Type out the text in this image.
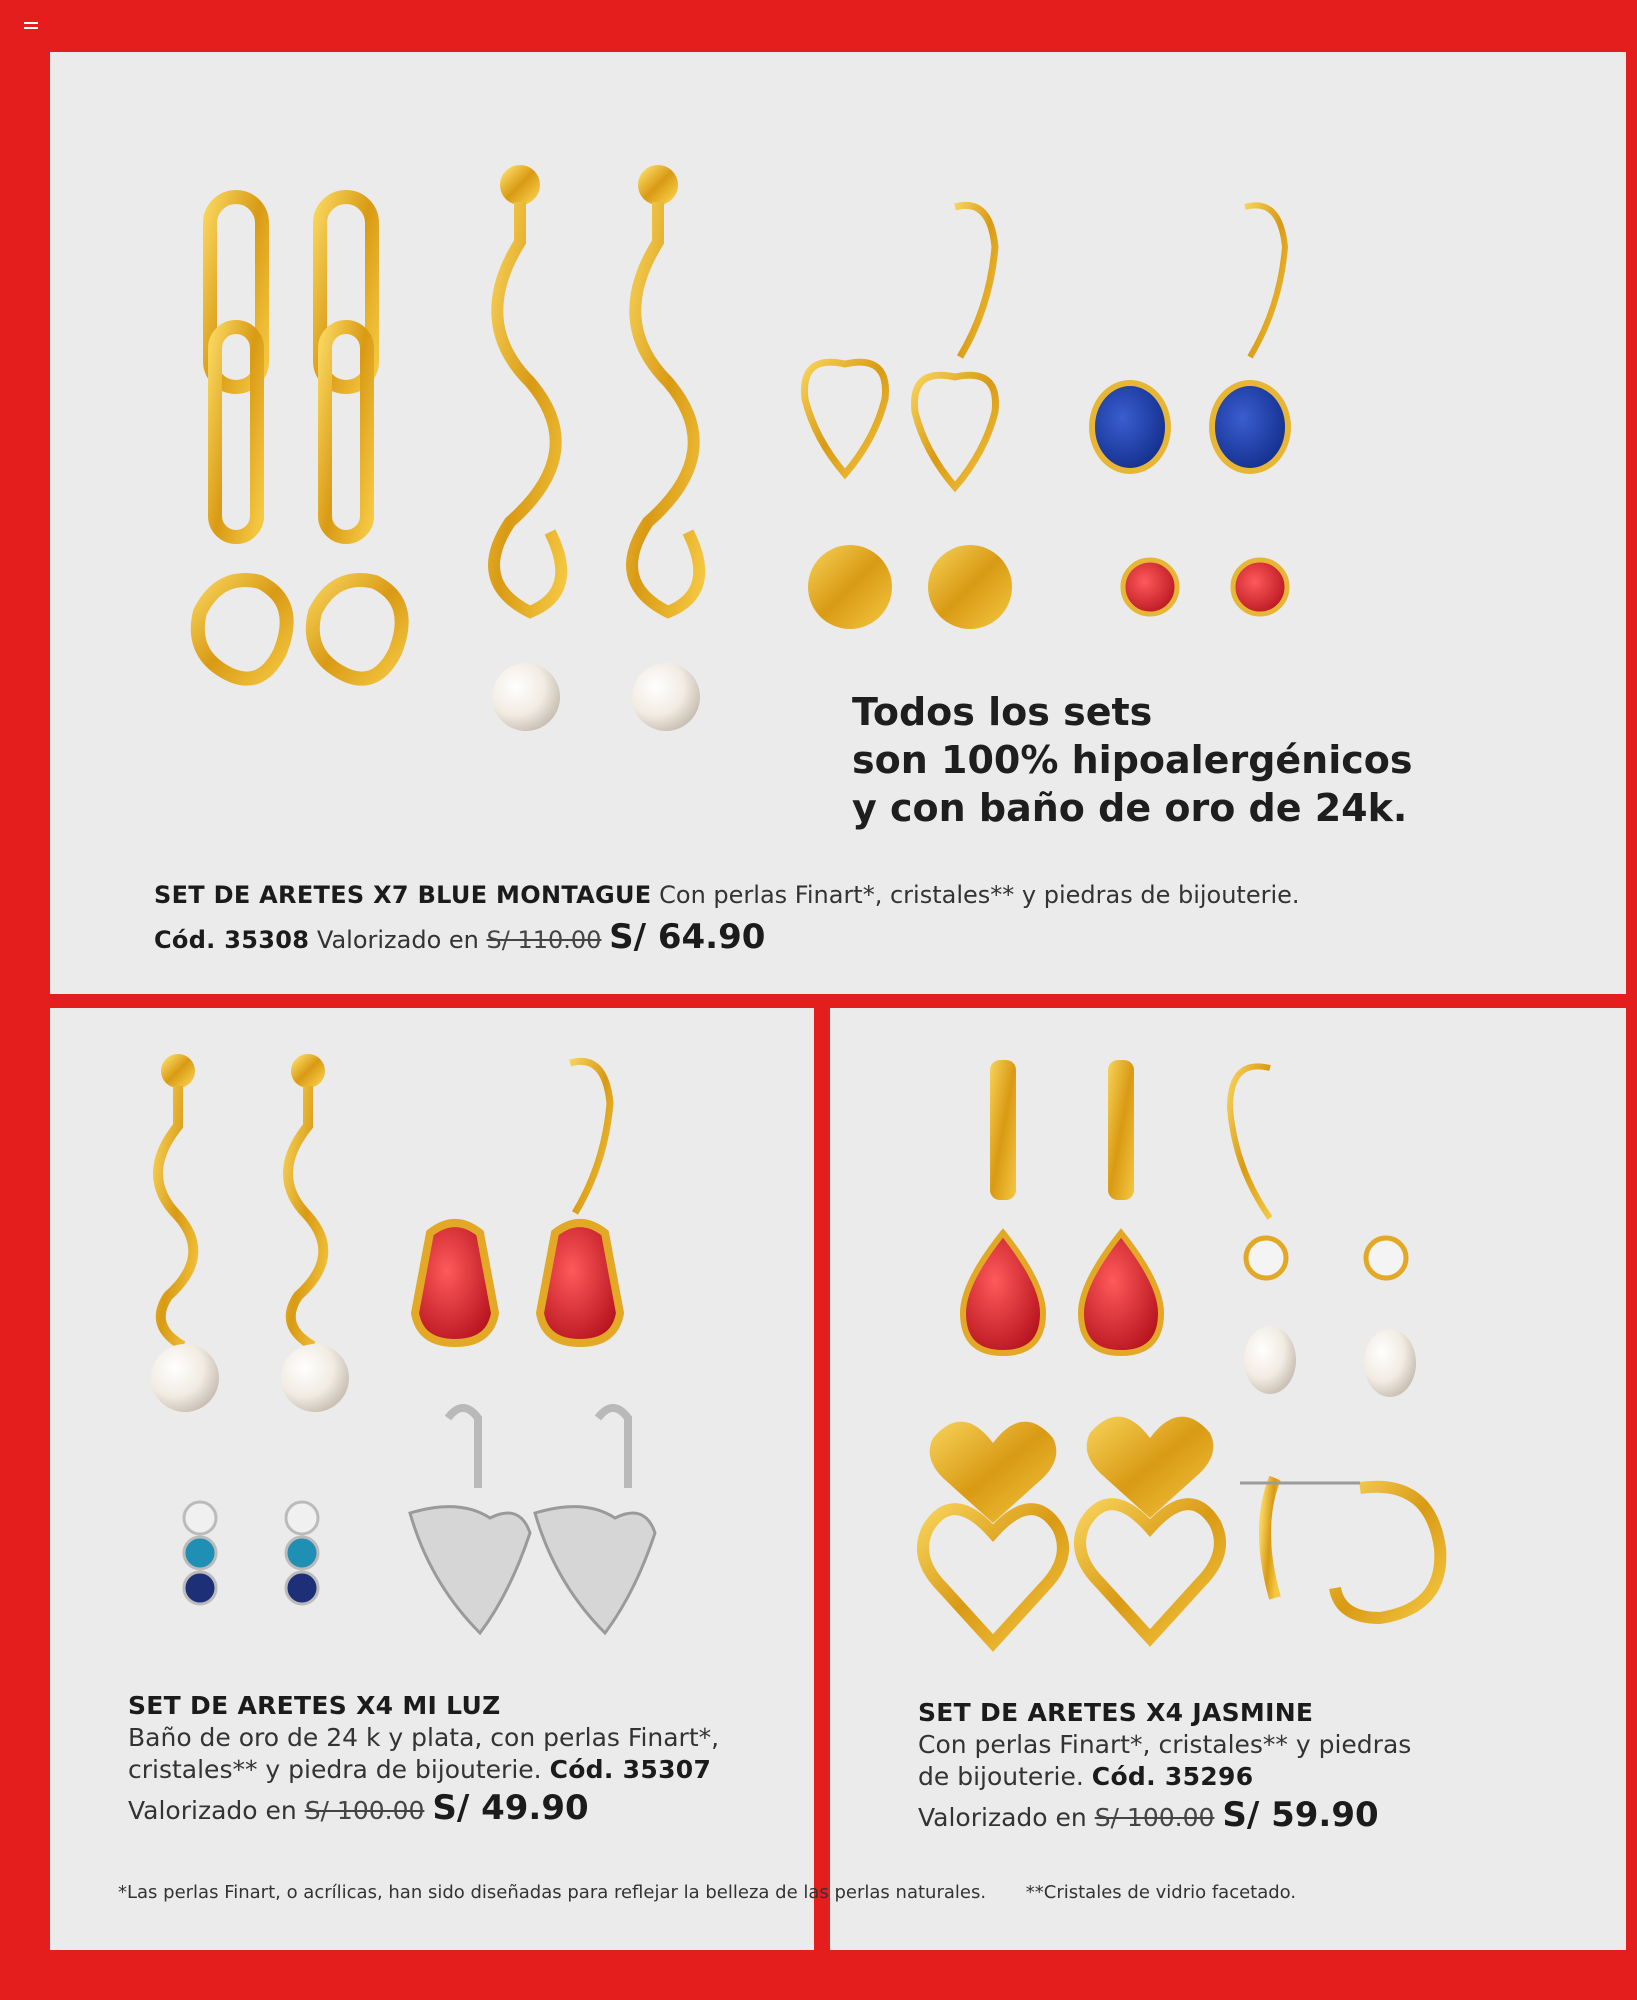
Todos los sets
son 100% hipoalergénicos
y con baño de oro de 24k.
SET DE ARETES X7 BLUE MONTAGUE Con perlas Finart*, cristales** y piedras de bijouterie.
Cód. 35308 Valorizado en S/ 110.00 S/ 64.90
SET DE ARETES X4 MI LUZ
Baño de oro de 24 k y plata, con perlas Finart*,
cristales** y piedra de bijouterie. Cód. 35307
Valorizado en S/ 100.00 S/ 49.90
SET DE ARETES X4 JASMINE
Con perlas Finart*, cristales** y piedras
de bijouterie. Cód. 35296
Valorizado en S/ 100.00 S/ 59.90
*Las perlas Finart, o acrílicas, han sido diseñadas para reflejar la belleza de las perlas naturales. **Cristales de vidrio facetado.
